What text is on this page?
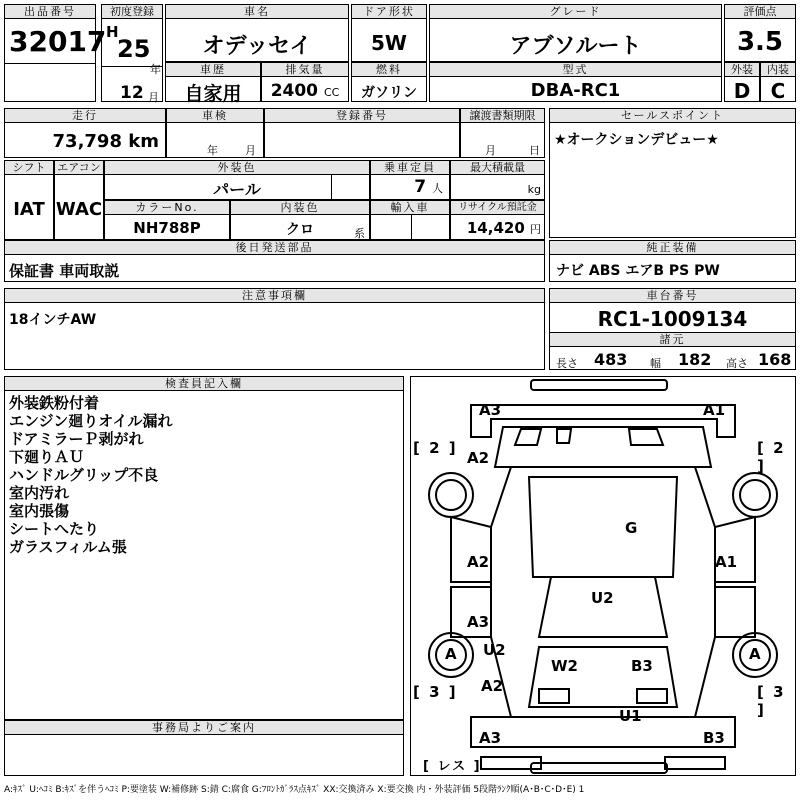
出品番号
32017
初度登録
H
25
年
12 月
車名
オデッセイ
ドア形状
5W
グレード
アブソルート
評価点
3.5
車歴
自家用
排気量
2400 CC
燃料
ガソリン
型式
DBA-RC1
外装
D
内装
C
走行
73,798 km
車検
年 月
登録番号	譲渡書類期限
月	日
セールスポイント
★オークションデビュー★
シフト
IAT
エアコン
WAC
外装色
パール
乗車定員
7 人
最大積載量
kg
カラーNo.
NH788P
内装色
クロ	系
輸入車	リサイクル預託金
14,420 円
後日発送部品
保証書 車両取説
純正装備
ナビ ABS エアB PS PW
注意事項欄
18インチAW
車台番号
RC1-1009134
諸元
長さ 483 幅 182 高さ 168
検査員記入欄
外装鉄粉付着
エンジン廻りオイル漏れ
ドアミラーＰ剥がれ
下廻りＡＵ
ハンドルグリップ不良
室内汚れ
室内張傷
シートへたり
ガラスフィルム張
事務局よりご案内
A3	A1
[ 2 ]	[ 2 ]
A2
G
A2	A1
U2
A3
A U2	A
W2	B3
A2
[ 3 ]	[ 3 ]
U1
A3	B3
[ レス ]
A:ｷｽﾞ U:ﾍｺﾐ B:ｷｽﾞを伴うﾍｺﾐ P:要塗装 W:補修跡 S:錆 C:腐食 G:ﾌﾛﾝﾄｶﾞﾗｽ点ｷｽﾞ XX:交換済み X:要交換 内・外装評価 5段階ﾗﾝｸ順(A･B･C･D･E) 1
